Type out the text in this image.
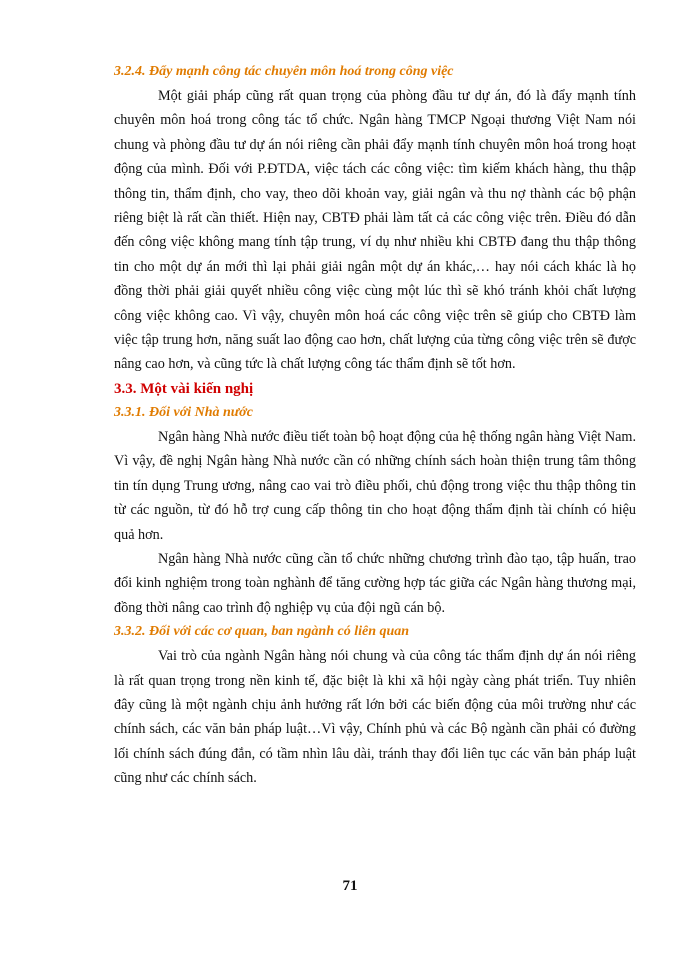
3.2.4. Đẩy mạnh công tác chuyên môn hoá trong công việc

Một giải pháp cũng rất quan trọng của phòng đầu tư dự án, đó là đẩy mạnh tính chuyên môn hoá trong công tác tổ chức. Ngân hàng TMCP Ngoại thương Việt Nam nói chung và phòng đầu tư dự án nói riêng cần phải đẩy mạnh tính chuyên môn hoá trong hoạt động của mình. Đối với P.ĐTDA, việc tách các công việc: tìm kiếm khách hàng, thu thập thông tin, thẩm định, cho vay, theo dõi khoản vay, giải ngân và thu nợ thành các bộ phận riêng biệt là rất cần thiết. Hiện nay, CBTĐ phải làm tất cả các công việc trên. Điều đó dẫn đến công việc không mang tính tập trung, ví dụ như nhiều khi CBTĐ đang thu thập thông tin cho một dự án mới thì lại phải giải ngân một dự án khác,… hay nói cách khác là họ đồng thời phải giải quyết nhiều công việc cùng một lúc thì sẽ khó tránh khỏi chất lượng công việc không cao. Vì vậy, chuyên môn hoá các công việc trên sẽ giúp cho CBTĐ làm việc tập trung hơn, năng suất lao động cao hơn, chất lượng của từng công việc trên sẽ được nâng cao hơn, và cũng tức là chất lượng công tác thẩm định sẽ tốt hơn.

3.3. Một vài kiến nghị
3.3.1. Đối với Nhà nước

Ngân hàng Nhà nước điều tiết toàn bộ hoạt động của hệ thống ngân hàng Việt Nam. Vì vậy, đề nghị Ngân hàng Nhà nước cần có những chính sách hoàn thiện trung tâm thông tin tín dụng Trung ương, nâng cao vai trò điều phối, chủ động trong việc thu thập thông tin từ các nguồn, từ đó hỗ trợ cung cấp thông tin cho hoạt động thẩm định tài chính có hiệu quả hơn.

Ngân hàng Nhà nước cũng cần tổ chức những chương trình đào tạo, tập huấn, trao đổi kinh nghiệm trong toàn nghành để tăng cường hợp tác giữa các Ngân hàng thương mại, đồng thời nâng cao trình độ nghiệp vụ của đội ngũ cán bộ.

3.3.2. Đối với các cơ quan, ban ngành có liên quan

Vai trò của ngành Ngân hàng nói chung và của công tác thẩm định dự án nói riêng là rất quan trọng trong nền kinh tế, đặc biệt là khi xã hội ngày càng phát triển. Tuy nhiên đây cũng là một ngành chịu ảnh hưởng rất lớn bởi các biến động của môi trường như các chính sách, các văn bản pháp luật…Vì vậy, Chính phủ và các Bộ ngành cần phải có đường lối chính sách đúng đắn, có tầm nhìn lâu dài, tránh thay đổi liên tục các văn bản pháp luật cũng như các chính sách.

71
